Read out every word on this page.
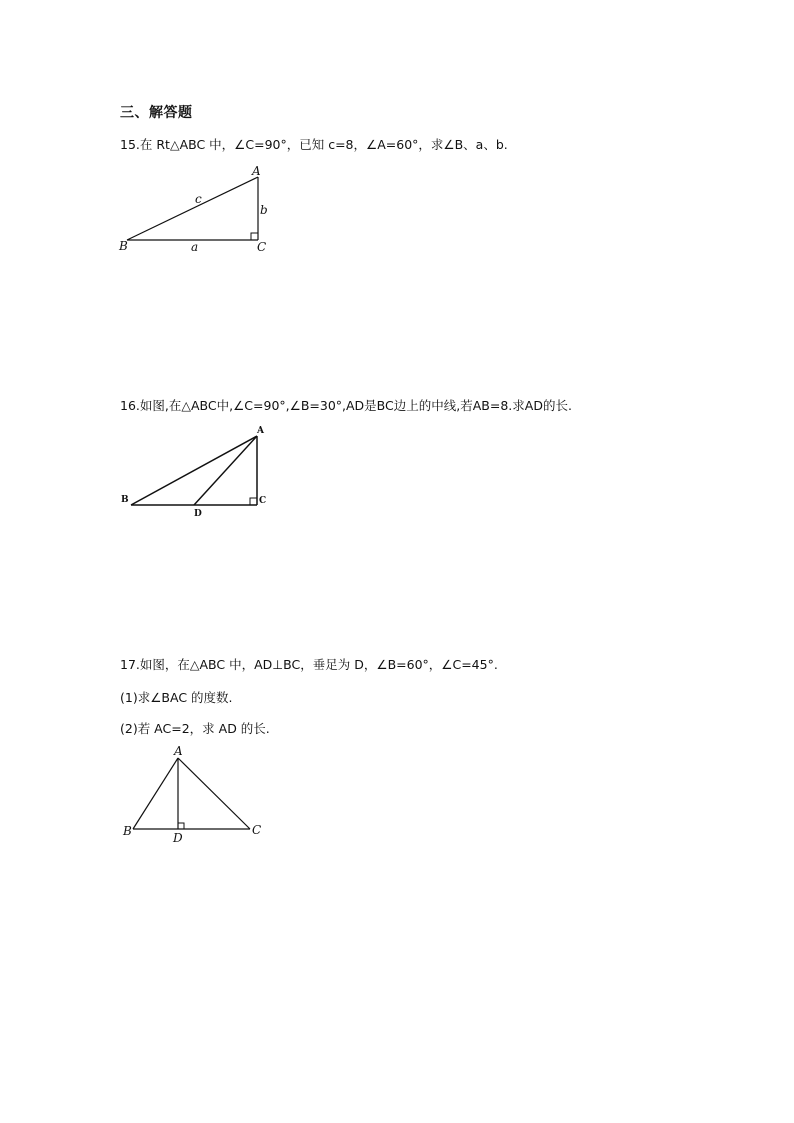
三、解答题
15.在 Rt△ABC 中，∠C=90°，已知 c=8，∠A=60°，求∠B、a、b.
A
B	C
a
b
c
16.如图,在△ABC中,∠C=90°,∠B=30°,AD是BC边上的中线,若AB=8.求AD的长.
A
B	C
D
17.如图，在△ABC 中，AD⊥BC，垂足为 D，∠B=60°，∠C=45°.
(1)求∠BAC 的度数.
(2)若 AC=2，求 AD 的长.
A
B	C
D
